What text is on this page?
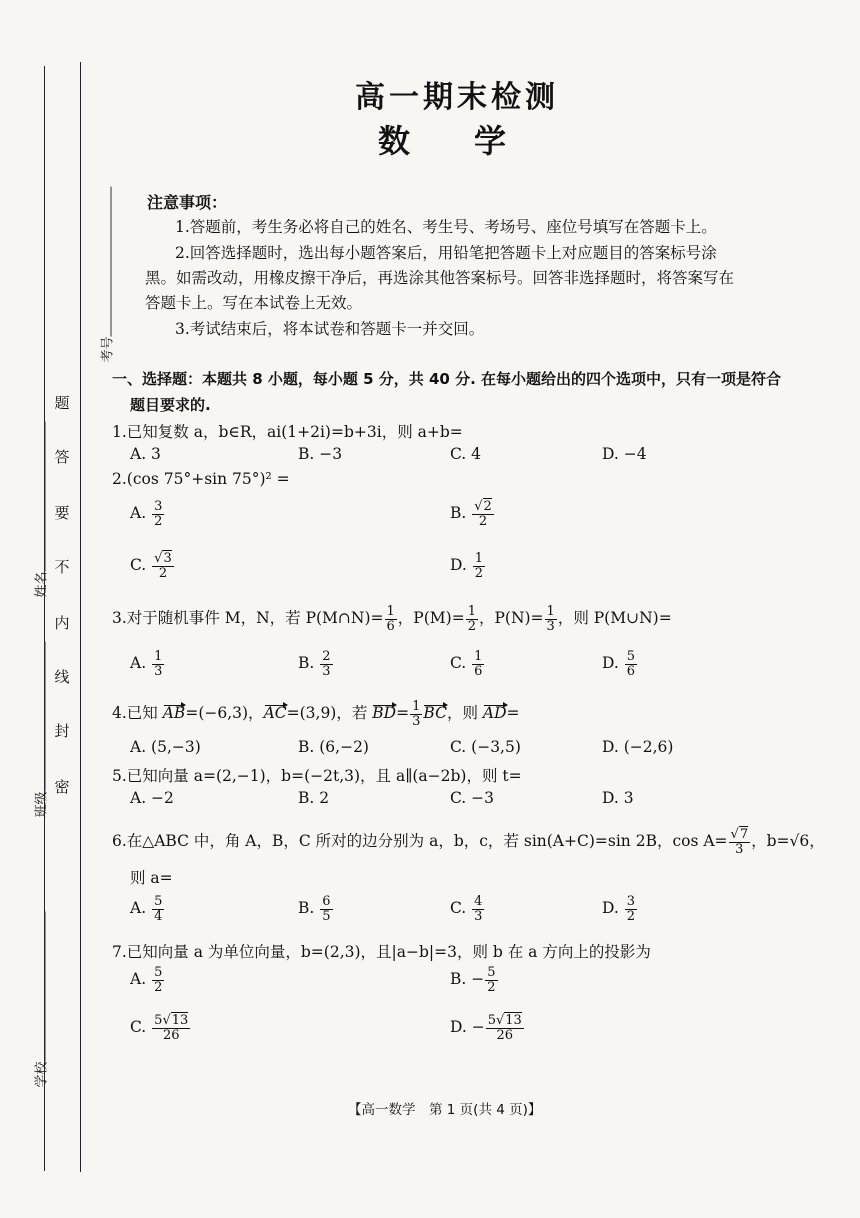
考号
姓名
班级
学校
题
答
要
不
内
线
封
密
高一期末检测
数　　学
注意事项：
1.答题前，考生务必将自己的姓名、考生号、考场号、座位号填写在答题卡上。
2.回答选择题时，选出每小题答案后，用铅笔把答题卡上对应题目的答案标号涂
黑。如需改动，用橡皮擦干净后，再选涂其他答案标号。回答非选择题时，将答案写在
答题卡上。写在本试卷上无效。
3.考试结束后，将本试卷和答题卡一并交回。
一、选择题：本题共 8 小题，每小题 5 分，共 40 分. 在每小题给出的四个选项中，只有一项是符合
题目要求的.
1.已知复数 a，b∈R，ai(1+2i)=b+3i，则 a+b=
A. 3	B. −3	C. 4	D. −4
2.(cos 75°+sin 75°)² =
A. $\frac{3}{2}$	B. $\frac{√2}{2}$
C. $\frac{√3}{2}$	D. $\frac{1}{2}$
3.对于随机事件 M，N，若 P(M∩N)= $\frac{1}{6}$ ，$P(M)= \frac{1}{2}$ ，$P(N)= \frac{1}{3}$ ，则 P(M∪N)=
A. $\frac{1}{3}$	B. $\frac{2}{3}$	C. $\frac{1}{6}$	D. $\frac{5}{6}$
4.已知 AB=(−6,3)，AC=(3,9)，若 $BD= \frac{1}{3}$ BC，则 AD=
A. (5,−3)	B. (6,−2)	C. (−3,5)	D. (−2,6)
5.已知向量 a=(2,−1)，b=(−2t,3)，且 a∥(a−2b)，则 t=
A. −2	B. 2	C. −3	D. 3
6.在△ABC 中，角 A，B，C 所对的边分别为 a，b，c，若 sin(A+C)=sin 2B，$\cos A= \frac{√7}{3}$ ，b=√6，
则 a=
A. $\frac{5}{4}$	B. $\frac{6}{5}$	C. $\frac{4}{3}$	D. $\frac{3}{2}$
7.已知向量 a 为单位向量，b=(2,3)，且|a−b|=3，则 b 在 a 方向上的投影为
A. $\frac{5}{2}$	B. − $\frac{5}{2}$
C. $\frac{5√13}{26}$	D. − $\frac{5√13}{26}$
【高一数学　第 1 页(共 4 页)】
